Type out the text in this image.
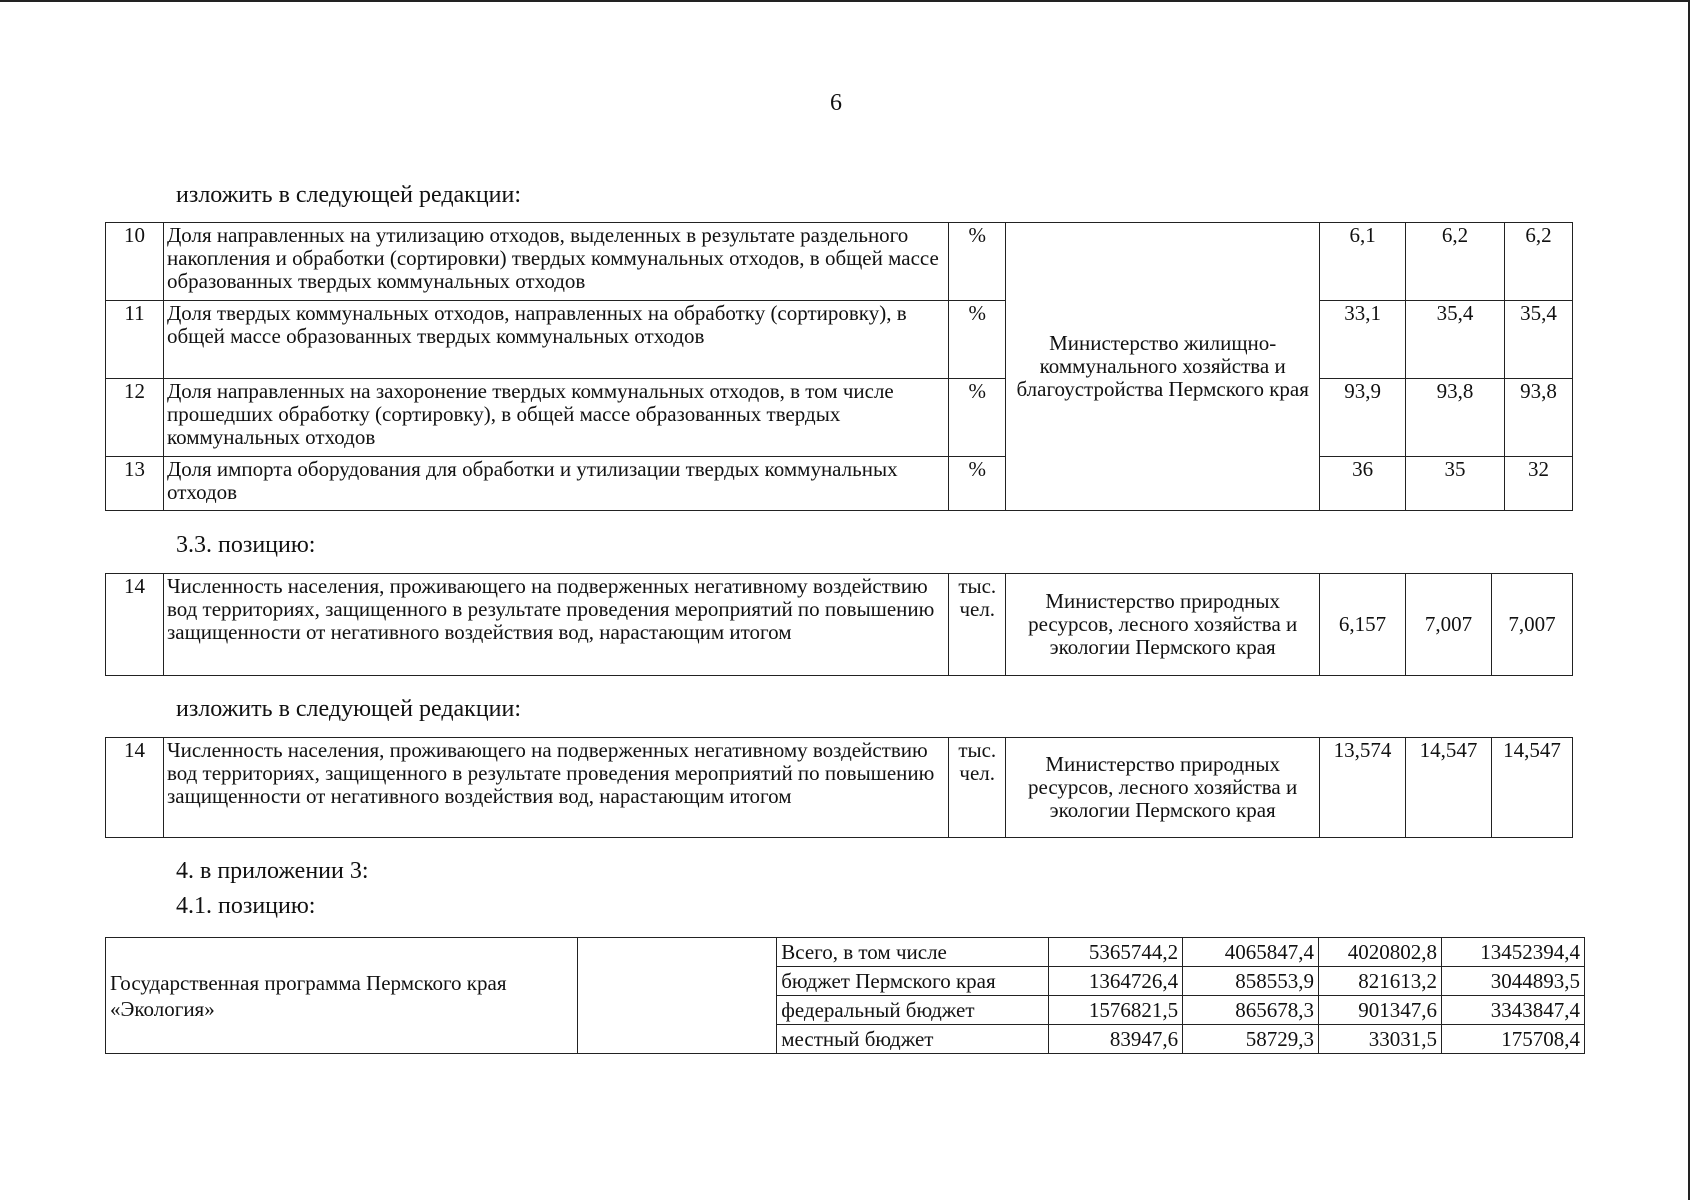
6
изложить в следующей редакции:
10	Доля направленных на утилизацию отходов, выделенных в результате раздельного накопления и обработки (сортировки) твердых коммунальных отходов, в общей массе образованных твердых коммунальных отходов	%	Министерство жилищно-коммунального хозяйства и благоустройства Пермского края	6,1	6,2	6,2
11	Доля твердых коммунальных отходов, направленных на обработку (сортировку), в общей массе образованных твердых коммунальных отходов	%		33,1	35,4	35,4
12	Доля направленных на захоронение твердых коммунальных отходов, в том числе прошедших обработку (сортировку), в общей массе образованных твердых коммунальных отходов	%		93,9	93,8	93,8
13	Доля импорта оборудования для обработки и утилизации твердых коммунальных отходов	%		36	35	32
3.3. позицию:
14	Численность населения, проживающего на подверженных негативному воздействию вод территориях, защищенного в результате проведения мероприятий по повышению защищенности от негативного воздействия вод, нарастающим итогом	тыс. чел.	Министерство природных ресурсов, лесного хозяйства и экологии Пермского края	6,157	7,007	7,007
изложить в следующей редакции:
14	Численность населения, проживающего на подверженных негативному воздействию вод территориях, защищенного в результате проведения мероприятий по повышению защищенности от негативного воздействия вод, нарастающим итогом	тыс. чел.	Министерство природных ресурсов, лесного хозяйства и экологии Пермского края	13,574	14,547	14,547
4. в приложении 3:
4.1. позицию:
Государственная программа Пермского края «Экология»		Всего, в том числе	5365744,2	4065847,4	4020802,8	13452394,4
		бюджет Пермского края	1364726,4	858553,9	821613,2	3044893,5
		федеральный бюджет	1576821,5	865678,3	901347,6	3343847,4
		местный бюджет	83947,6	58729,3	33031,5	175708,4
